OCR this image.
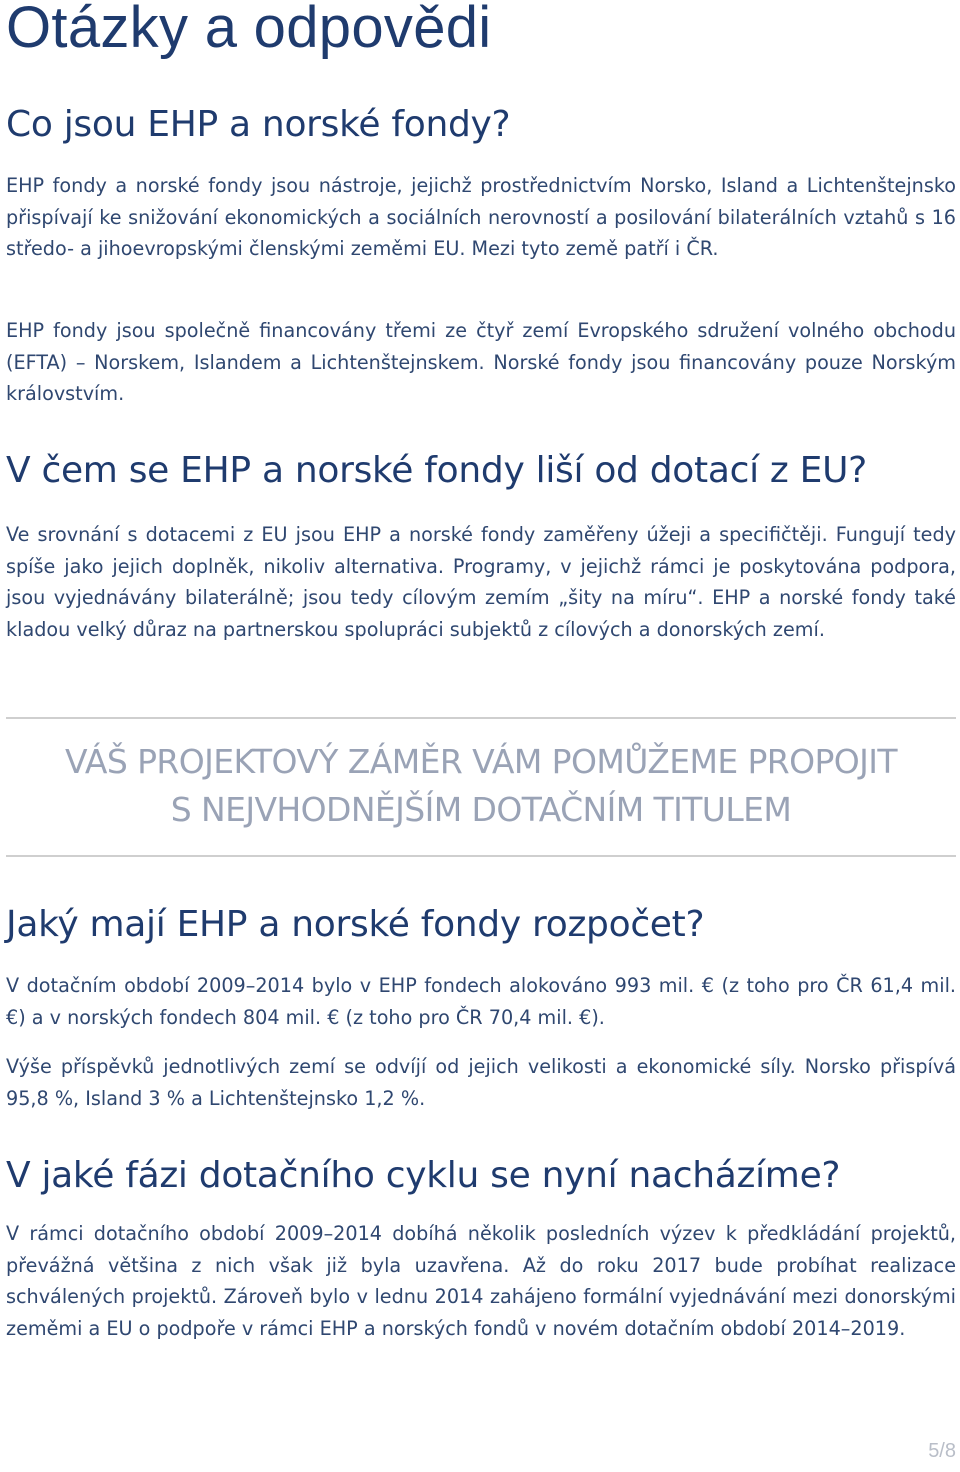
Otázky a odpovědi
Co jsou EHP a norské fondy?

EHP fondy a norské fondy jsou nástroje, jejichž prostřednictvím Norsko, Island a Lichtenštejnsko přispívají ke snižování ekonomických a sociálních nerovností a posilování bilaterálních vztahů s 16 středo- a jihoevropskými členskými zeměmi EU. Mezi tyto země patří i ČR.

EHP fondy jsou společně financovány třemi ze čtyř zemí Evropského sdružení volného obchodu (EFTA) – Norskem, Islandem a Lichtenštejnskem. Norské fondy jsou financovány pouze Norským královstvím.

V čem se EHP a norské fondy liší od dotací z EU?

Ve srovnání s dotacemi z EU jsou EHP a norské fondy zaměřeny úžeji a specifičtěji. Fungují tedy spíše jako jejich doplněk, nikoliv alternativa. Programy, v jejichž rámci je poskytována podpora, jsou vyjednávány bilaterálně; jsou tedy cílovým zemím „šity na míru“. EHP a norské fondy také kladou velký důraz na partnerskou spolupráci subjektů z cílových a donorských zemí.

VÁŠ PROJEKTOVÝ ZÁMĚR VÁM POMŮŽEME PROPOJIT
S NEJVHODNĚJŠÍM DOTAČNÍM TITULEM
Jaký mají EHP a norské fondy rozpočet?

V dotačním období 2009–2014 bylo v EHP fondech alokováno 993 mil. € (z toho pro ČR 61,4 mil. €) a v norských fondech 804 mil. € (z toho pro ČR 70,4 mil. €).

Výše příspěvků jednotlivých zemí se odvíjí od jejich velikosti a ekonomické síly. Norsko přispívá 95,8 %, Island 3 % a Lichtenštejnsko 1,2 %.

V jaké fázi dotačního cyklu se nyní nacházíme?

V rámci dotačního období 2009–2014 dobíhá několik posledních výzev k předkládání projektů, převážná většina z nich však již byla uzavřena. Až do roku 2017 bude probíhat realizace schválených projektů. Zároveň bylo v lednu 2014 zahájeno formální vyjednávání mezi donorskými zeměmi a EU o podpoře v rámci EHP a norských fondů v novém dotačním období 2014–2019.

5/8
